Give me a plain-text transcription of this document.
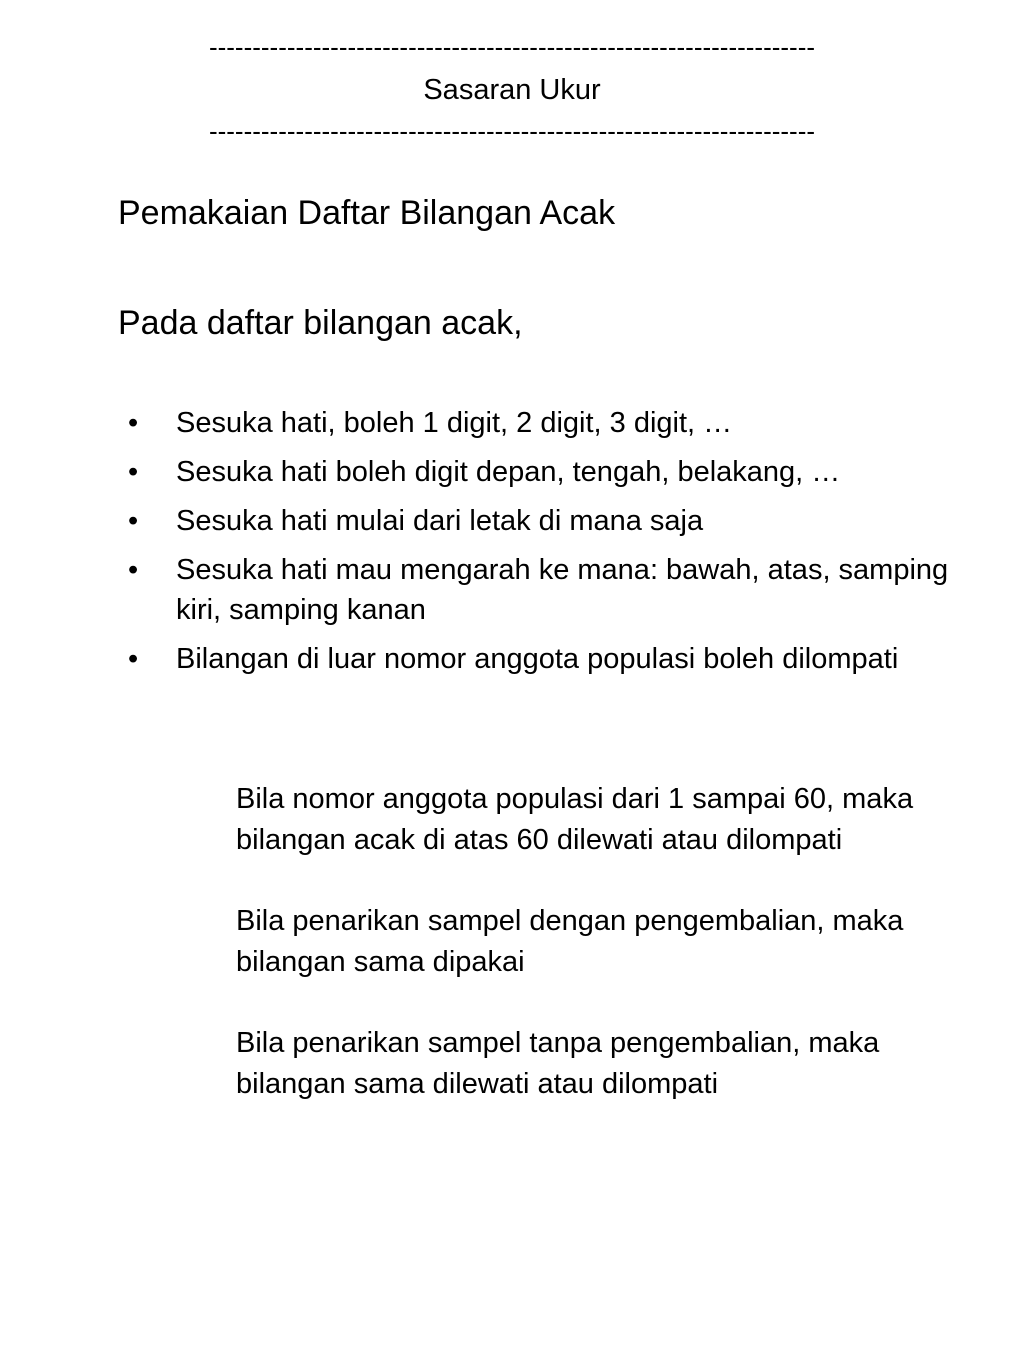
----------------------------------------------------------------------
Sasaran Ukur
----------------------------------------------------------------------
Pemakaian Daftar Bilangan Acak
Pada daftar bilangan acak,
•	Sesuka hati, boleh 1 digit, 2 digit, 3 digit, …
•	Sesuka hati boleh digit depan, tengah, belakang, …
•	Sesuka hati mulai dari letak di mana saja
•	Sesuka hati mau mengarah ke mana: bawah, atas, samping kiri, samping kanan
•	Bilangan di luar nomor anggota populasi boleh dilompati

Bila nomor anggota populasi dari 1 sampai 60, maka bilangan acak di atas 60 dilewati atau dilompati

Bila penarikan sampel dengan pengembalian, maka bilangan sama dipakai

Bila penarikan sampel tanpa pengembalian, maka bilangan sama dilewati atau dilompati
